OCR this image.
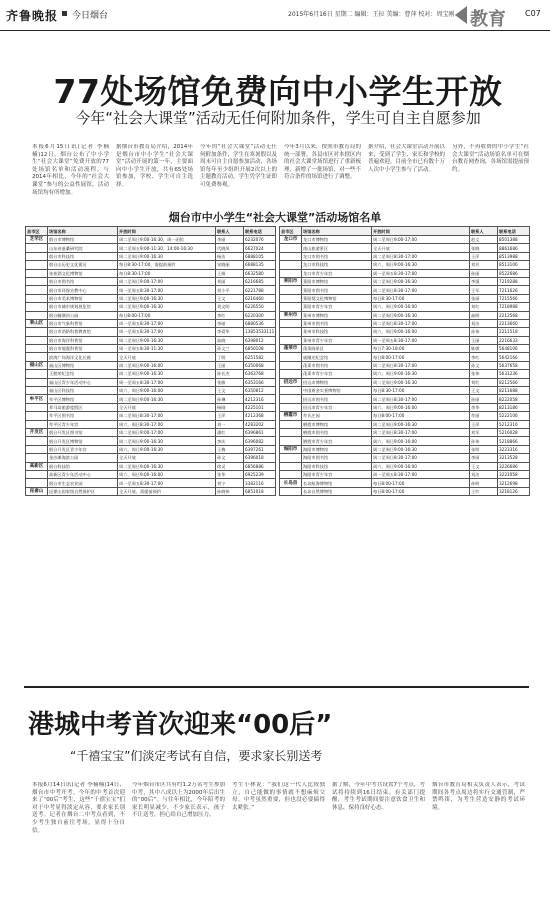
齐鲁晚报 今日烟台	2015年6月16日 星期二 编辑：王拉 美编：曹萍 校对：周宝刚 教育 C07
77处场馆免费向中小学生开放
今年“社会大课堂”活动无任何附加条件，学生可自主自愿参加
本报6月15日讯(记者 李楠楠)12日，烟台公布了中小学生“社会大课堂”免费开放的77处场馆名单和活动流程。与2014年相比，今年的“社会大课堂”参与的公益性展馆，活动场馆均有所增加。
据烟台市教育局介绍，2014年是烟台市中小学生“社会大课堂”活动开展的第一年，主要面向中小学生开放，共有65处场馆参加，学校、学生可自主选择。
今年的“社会大课堂”活动无任何附加条件，学生在寒暑假以及周末可自主自愿参加活动，各场馆每年至少组织开展2次以上的主题教育活动，学生凭学生证即可免费参观。
今年3月以来，按照市教育局的统一部署，各县市区对本辖区内的社会大课堂场馆进行了重新梳理，新增了一批场馆，对一些不符合条件的场馆进行了调整。
据介绍，社会大课堂活动开展以来，受到了学生、家长和学校的普遍欢迎，目前全市已有数十万人次中小学生参与了活动。
另外，不再收费的中小学生“社会大课堂”活动场馆名单可在烟台教育网查询，各场馆需提前预约。
烟台市中小学生“社会大课堂”活动场馆名单
县市区	场馆名称	开放时间	联系人	联系电话
芝罘区	烟台市博物馆	周二至周日9:00-16:30，周一闭馆	李丽	6232076
	山东省蚕桑研究院	周二至周五9:00-11:30，14:00-16:30	代晓凤	6627024
	烟台市科技馆	周二至周日9:00-16:30	杨洁	6888105
	烟台山历史文化街区	每日8:30-17:00，需提前预约	宋晓丽	6688135
	张裕酒文化博物馆	每日8:30-17:00	王娟	6632580
	烟台市图书馆	周二至周日9:00-17:00	刘丽	6216685
	烟台市环保宣教中心	周一至周五8:30-17:00	刘小平	6221788
	烟台市美术博物馆	周二至周日9:00-16:30	王文	6216460
	烟台市城市规划展览馆	周二至周日9:00-16:30	刘文明	6226550
	烟台毓璜顶公园	每日8:00-17:00	李红	6220300
莱山区	烟台市气象科普馆	周一至周五8:30-17:00	李丽	6880536
	烟台市消防科普教育馆	周一至周五8:30-17:00	李爱华	13853533111
	烟台市海洋科普馆	周二至周日9:00-16:30	高晓	6398012
	烟台市地震科普馆	周一至周五8:30-11:30	孙文兰	6850108
	滨海广场海洋文化长廊	全天开放	丁明	6251582
福山区	福山区博物馆	周二至周日9:00-16:00	王丽	6350068
	王懿荣纪念馆	周二至周日9:00-16:30	孙长杰	6363768
	福山区青少年活动中心	周一至周五8:30-17:00	张敏	6353166
	福山区科技馆	周六、周日9:00-16:00	王文	6350812
牟平区	牟平区博物馆	周二至周日9:00-16:30	孙琳	4212316
	养马岛旅游度假区	全天开放	杨刚	4225101
	牟平区图书馆	周二至周日8:30-17:00	王萍	4212368
	牟平区青少年宫	周六、周日8:30-17:00	刘一	4283202
开发区	烟台开发区图书馆	周二至周日9:00-17:00	潘红	6396861
	烟台开发区博物馆	周二至周日9:00-16:30	李庆	6396082
	烟台开发区青少年宫	周六、周日9:00-16:30	王梅	6397261
	金沙滩海滨公园	全天开放	孙文	6396018
高新区	烟台科技馆	周二至周日9:00-16:30	徐灵	6856886
	高新区青少年活动中心	周六、周日9:00-16:00	张华	6925239
	烟台市生态农业园	周一至周五8:30-17:00	刘宁	3382116
昆嵛山	昆嵛山国家级自然保护区	全天开放，需提前预约	孙晓伟	6851018
县市区	场馆名称	开放时间	联系人	联系电话
龙口市	龙口市博物馆	周二至周日9:00-17:00	赵文	8501388
	南山旅游景区	全天开放	张晓	8861686
	龙口市图书馆	周二至周日8:30-17:00	王萍	8513988
	龙口市科技馆	周六、周日9:00-16:30	刘芳	8513106
	龙口市青少年宫	周一至周五8:30-17:00	孙丽	8522686
莱阳市	莱阳市博物馆	周二至周日9:00-16:30	李强	7219288
	莱阳市图书馆	周二至周日8:30-17:00	王军	7211626
	莱阳梨文化博物馆	每日8:30-17:00	张丽	7215566
	莱阳市青少年宫	周六、周日9:00-16:00	刘红	7218988
莱州市	莱州市博物馆	周二至周日9:00-16:30	高明	2212568
	莱州市图书馆	周二至周日8:30-17:00	刘洁	2213660
	莱州市科技馆	周六、周日9:00-16:00	孙伟	2211518
	莱州市青少年宫	周一至周五8:30-17:00	王丽	2216633
蓬莱市	蓬莱阁景区	每日7:30-18:00	陈敏	5648106
	戚继光纪念馆	每日8:00-17:00	李红	5642166
	蓬莱市图书馆	周二至周日8:30-17:00	孙文	5637658
	蓬莱市青少年宫	周六、周日9:00-16:30	张伟	5631236
招远市	招远市博物馆	周二至周日9:00-16:30	刘红	8212566
	中国黄金实景博物馆	每日8:30-17:00	王文	8211688
	招远市图书馆	周二至周日8:30-17:00	孙丽	8222058
	招远市青少年宫	周六、周日9:00-16:00	李华	8213186
栖霞市	牟氏庄园	每日8:00-17:00	牟丽	5222106
	栖霞市博物馆	周二至周日9:00-16:30	王萍	5212316
	栖霞市图书馆	周二至周日8:30-17:00	刘军	5216028
	栖霞市青少年宫	周六、周日9:00-16:00	孙伟	5218866
海阳市	海阳市博物馆	周二至周日9:00-16:30	张明	3223316
	海阳市图书馆	周二至周日8:30-17:00	李丽	3213528
	海阳市科技馆	周六、周日9:00-16:00	王文	3226686
	海阳市青少年宫	周一至周五8:30-17:00	刘洁	3221058
长岛县	长岛航海博物馆	每日8:00-17:00	孙明	3212698
	长岛自然博物馆	每日8:00-17:00	王红	3218126
港城中考首次迎来“00后”
“千禧宝宝”们淡定考试有自信，要求家长别送考
本报6月14日讯(记者 李楠楠)14日，烟台市中考开考。今年的中考首次迎来了“00后”考生，这些“千禧宝宝”们对于中考显得淡定从容，要求家长别送考。记者在烟台二中考点看到，不少考生独自前往考场，显得十分自信。
今年烟台市区共有约1.2万名考生参加中考，其中八成以上为2000年后出生的“00后”。与往年相比，今年陪考的家长明显减少，不少家长表示，孩子不让送考，担心给自己增加压力。
考生小林说：“我们这一代人比较独立，自己能做的事情就不想麻烦父母。中考虽然重要，但也没必要搞得太紧张。”
据了解，今年中考共设置7个考点，考试将持续到16日结束。有关部门提醒，考生考试期间要注意饮食卫生和休息，保持良好心态。
烟台市教育局相关负责人表示，考试期间各考点周边将实行交通管制，严禁鸣笛，为考生营造安静的考试环境。
